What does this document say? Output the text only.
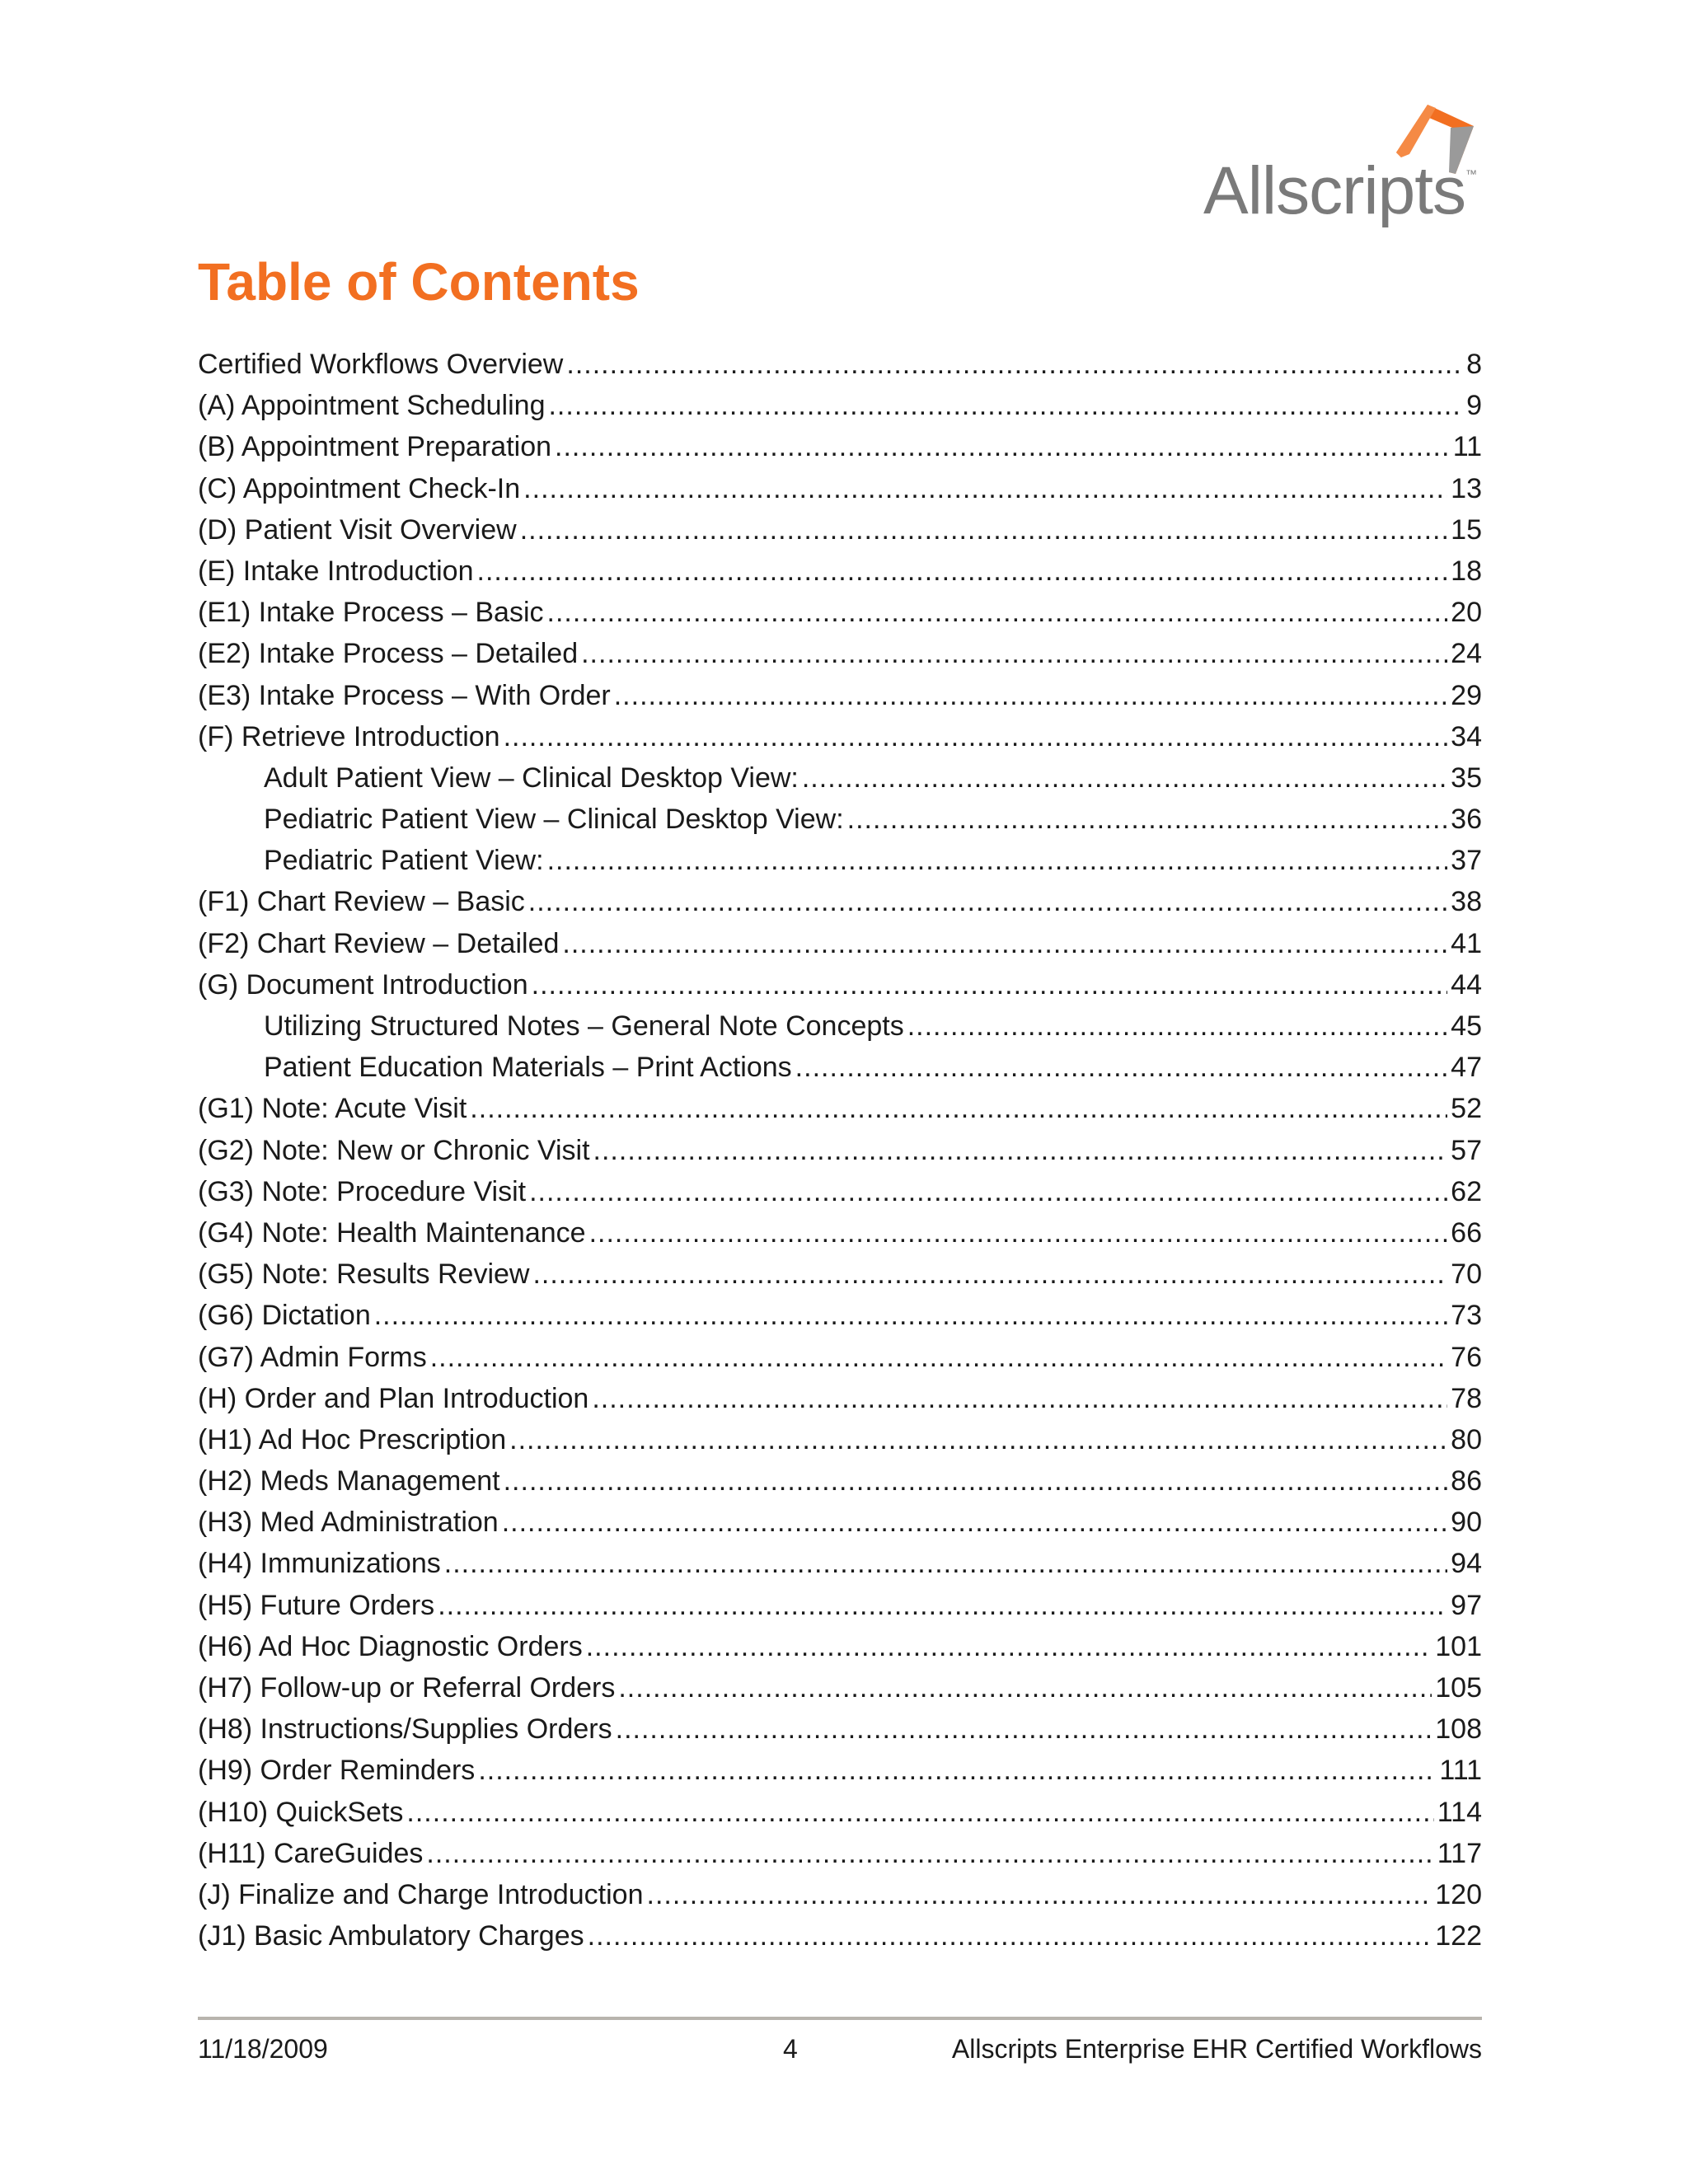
Allscripts™
Table of Contents
Certified Workflows Overview .....	8
(A) Appointment Scheduling .....	9
(B) Appointment Preparation .....	11
(C) Appointment Check-In .....	13
(D) Patient Visit Overview .....	15
(E) Intake Introduction .....	18
(E1) Intake Process – Basic .....	20
(E2) Intake Process – Detailed .....	24
(E3) Intake Process – With Order .....	29
(F) Retrieve Introduction .....	34
Adult Patient View – Clinical Desktop View: .....	35
Pediatric Patient View – Clinical Desktop View: .....	36
Pediatric Patient View: .....	37
(F1) Chart Review – Basic .....	38
(F2) Chart Review – Detailed .....	41
(G) Document Introduction .....	44
Utilizing Structured Notes – General Note Concepts .....	45
Patient Education Materials – Print Actions .....	47
(G1) Note: Acute Visit .....	52
(G2) Note: New or Chronic Visit .....	57
(G3) Note: Procedure Visit .....	62
(G4) Note: Health Maintenance .....	66
(G5) Note: Results Review .....	70
(G6) Dictation .....	73
(G7) Admin Forms .....	76
(H) Order and Plan Introduction .....	78
(H1) Ad Hoc Prescription .....	80
(H2) Meds Management .....	86
(H3) Med Administration .....	90
(H4) Immunizations .....	94
(H5) Future Orders .....	97
(H6) Ad Hoc Diagnostic Orders .....	101
(H7) Follow-up or Referral Orders .....	105
(H8) Instructions/Supplies Orders .....	108
(H9) Order Reminders .....	111
(H10) QuickSets .....	114
(H11) CareGuides .....	117
(J) Finalize and Charge Introduction .....	120
(J1) Basic Ambulatory Charges .....	122
11/18/2009	4	Allscripts Enterprise EHR Certified Workflows
